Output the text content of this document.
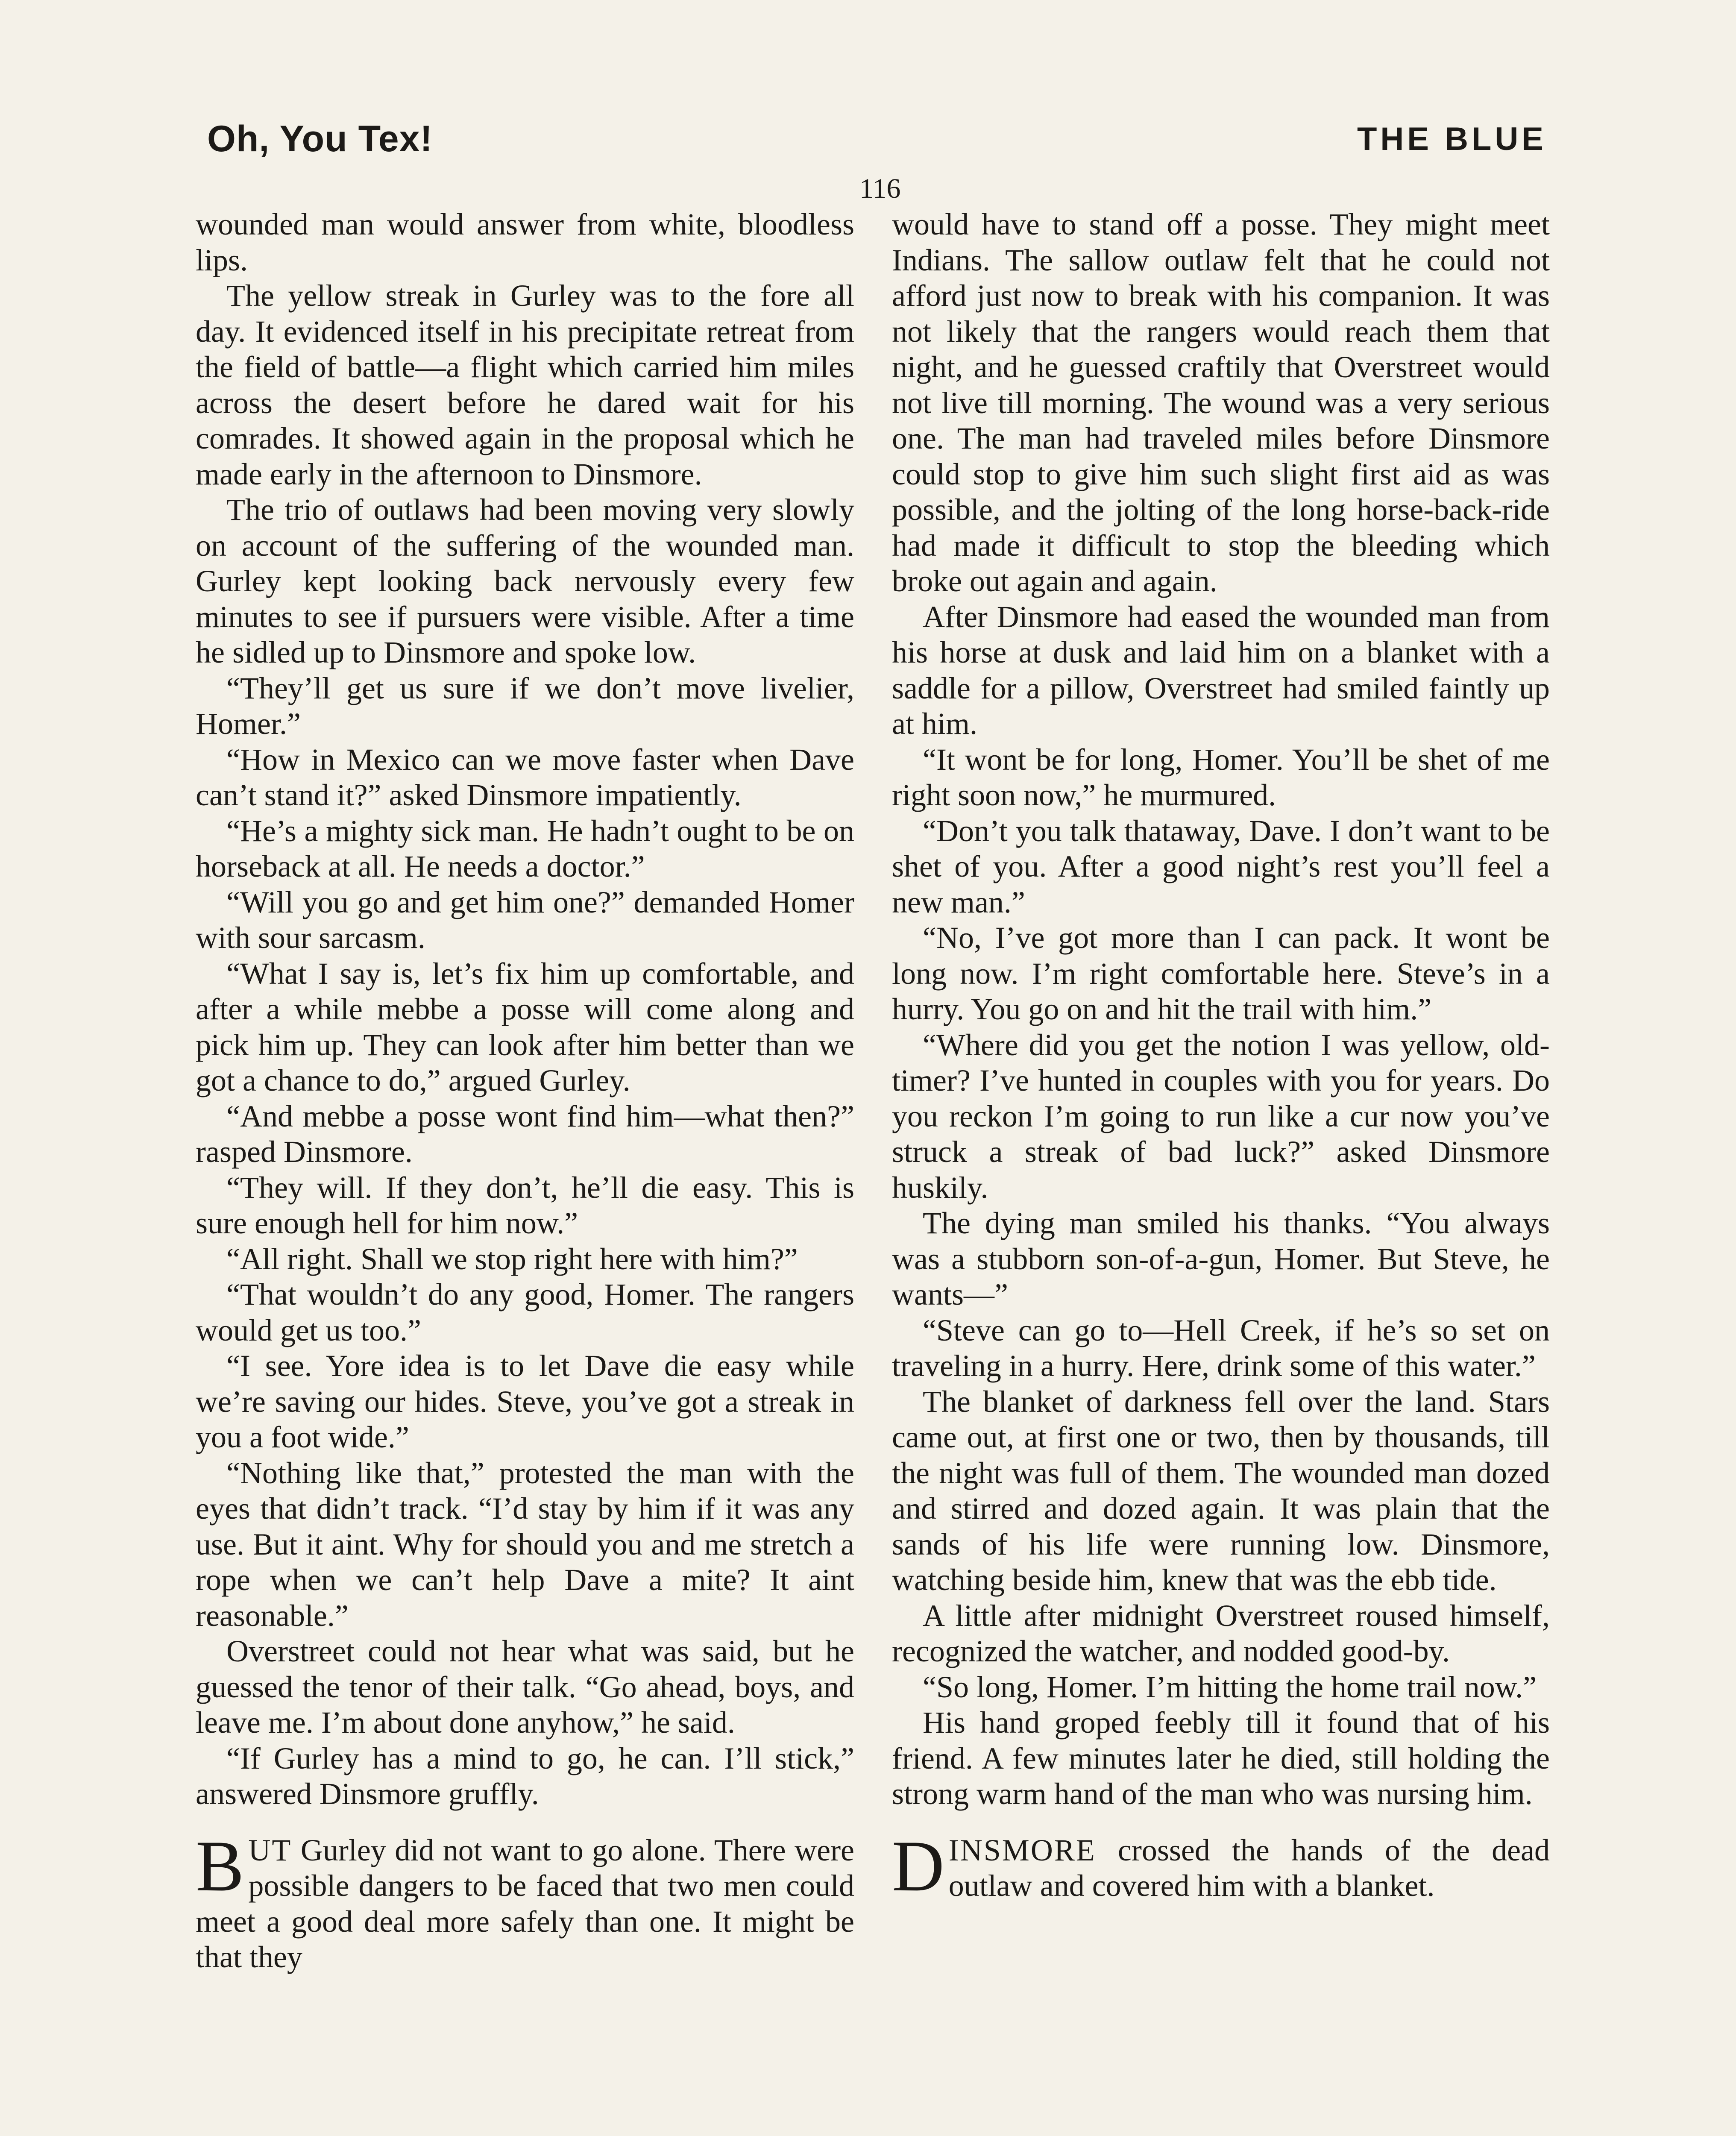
Oh, You Tex!	THE BLUE
116

wounded man would answer from white, bloodless lips.

The yellow streak in Gurley was to the fore all day. It evidenced itself in his precipitate retreat from the field of battle—a flight which carried him miles across the desert before he dared wait for his comrades. It showed again in the proposal which he made early in the afternoon to Dinsmore.

The trio of outlaws had been moving very slowly on account of the suffering of the wounded man. Gurley kept looking back nervously every few minutes to see if pursuers were visible. After a time he sidled up to Dinsmore and spoke low.

“They’ll get us sure if we don’t move livelier, Homer.”

“How in Mexico can we move faster when Dave can’t stand it?” asked Dinsmore impatiently.

“He’s a mighty sick man. He hadn’t ought to be on horseback at all. He needs a doctor.”

“Will you go and get him one?” demanded Homer with sour sarcasm.

“What I say is, let’s fix him up comfortable, and after a while mebbe a posse will come along and pick him up. They can look after him better than we got a chance to do,” argued Gurley.

“And mebbe a posse wont find him—what then?” rasped Dinsmore.

“They will. If they don’t, he’ll die easy. This is sure enough hell for him now.”

“All right. Shall we stop right here with him?”

“That wouldn’t do any good, Homer. The rangers would get us too.”

“I see. Yore idea is to let Dave die easy while we’re saving our hides. Steve, you’ve got a streak in you a foot wide.”

“Nothing like that,” protested the man with the eyes that didn’t track. “I’d stay by him if it was any use. But it aint. Why for should you and me stretch a rope when we can’t help Dave a mite? It aint reasonable.”

Overstreet could not hear what was said, but he guessed the tenor of their talk. “Go ahead, boys, and leave me. I’m about done anyhow,” he said.

“If Gurley has a mind to go, he can. I’ll stick,” answered Dinsmore gruffly.

BUT Gurley did not want to go alone. There were possible dangers to be faced that two men could meet a good deal more safely than one. It might be that they

would have to stand off a posse. They might meet Indians. The sallow outlaw felt that he could not afford just now to break with his companion. It was not likely that the rangers would reach them that night, and he guessed craftily that Overstreet would not live till morning. The wound was a very serious one. The man had traveled miles before Dinsmore could stop to give him such slight first aid as was possible, and the jolting of the long horse-back-ride had made it difficult to stop the bleeding which broke out again and again.

After Dinsmore had eased the wounded man from his horse at dusk and laid him on a blanket with a saddle for a pillow, Overstreet had smiled faintly up at him.

“It wont be for long, Homer. You’ll be shet of me right soon now,” he murmured.

“Don’t you talk thataway, Dave. I don’t want to be shet of you. After a good night’s rest you’ll feel a new man.”

“No, I’ve got more than I can pack. It wont be long now. I’m right comfortable here. Steve’s in a hurry. You go on and hit the trail with him.”

“Where did you get the notion I was yellow, old-timer? I’ve hunted in couples with you for years. Do you reckon I’m going to run like a cur now you’ve struck a streak of bad luck?” asked Dinsmore huskily.

The dying man smiled his thanks. “You always was a stubborn son-of-a-gun, Homer. But Steve, he wants—”

“Steve can go to—Hell Creek, if he’s so set on traveling in a hurry. Here, drink some of this water.”

The blanket of darkness fell over the land. Stars came out, at first one or two, then by thousands, till the night was full of them. The wounded man dozed and stirred and dozed again. It was plain that the sands of his life were running low. Dinsmore, watching beside him, knew that was the ebb tide.

A little after midnight Overstreet roused himself, recognized the watcher, and nodded good-by.

“So long, Homer. I’m hitting the home trail now.”

His hand groped feebly till it found that of his friend. A few minutes later he died, still holding the strong warm hand of the man who was nursing him.

DINSMORE crossed the hands of the dead outlaw and covered him with a blanket.
